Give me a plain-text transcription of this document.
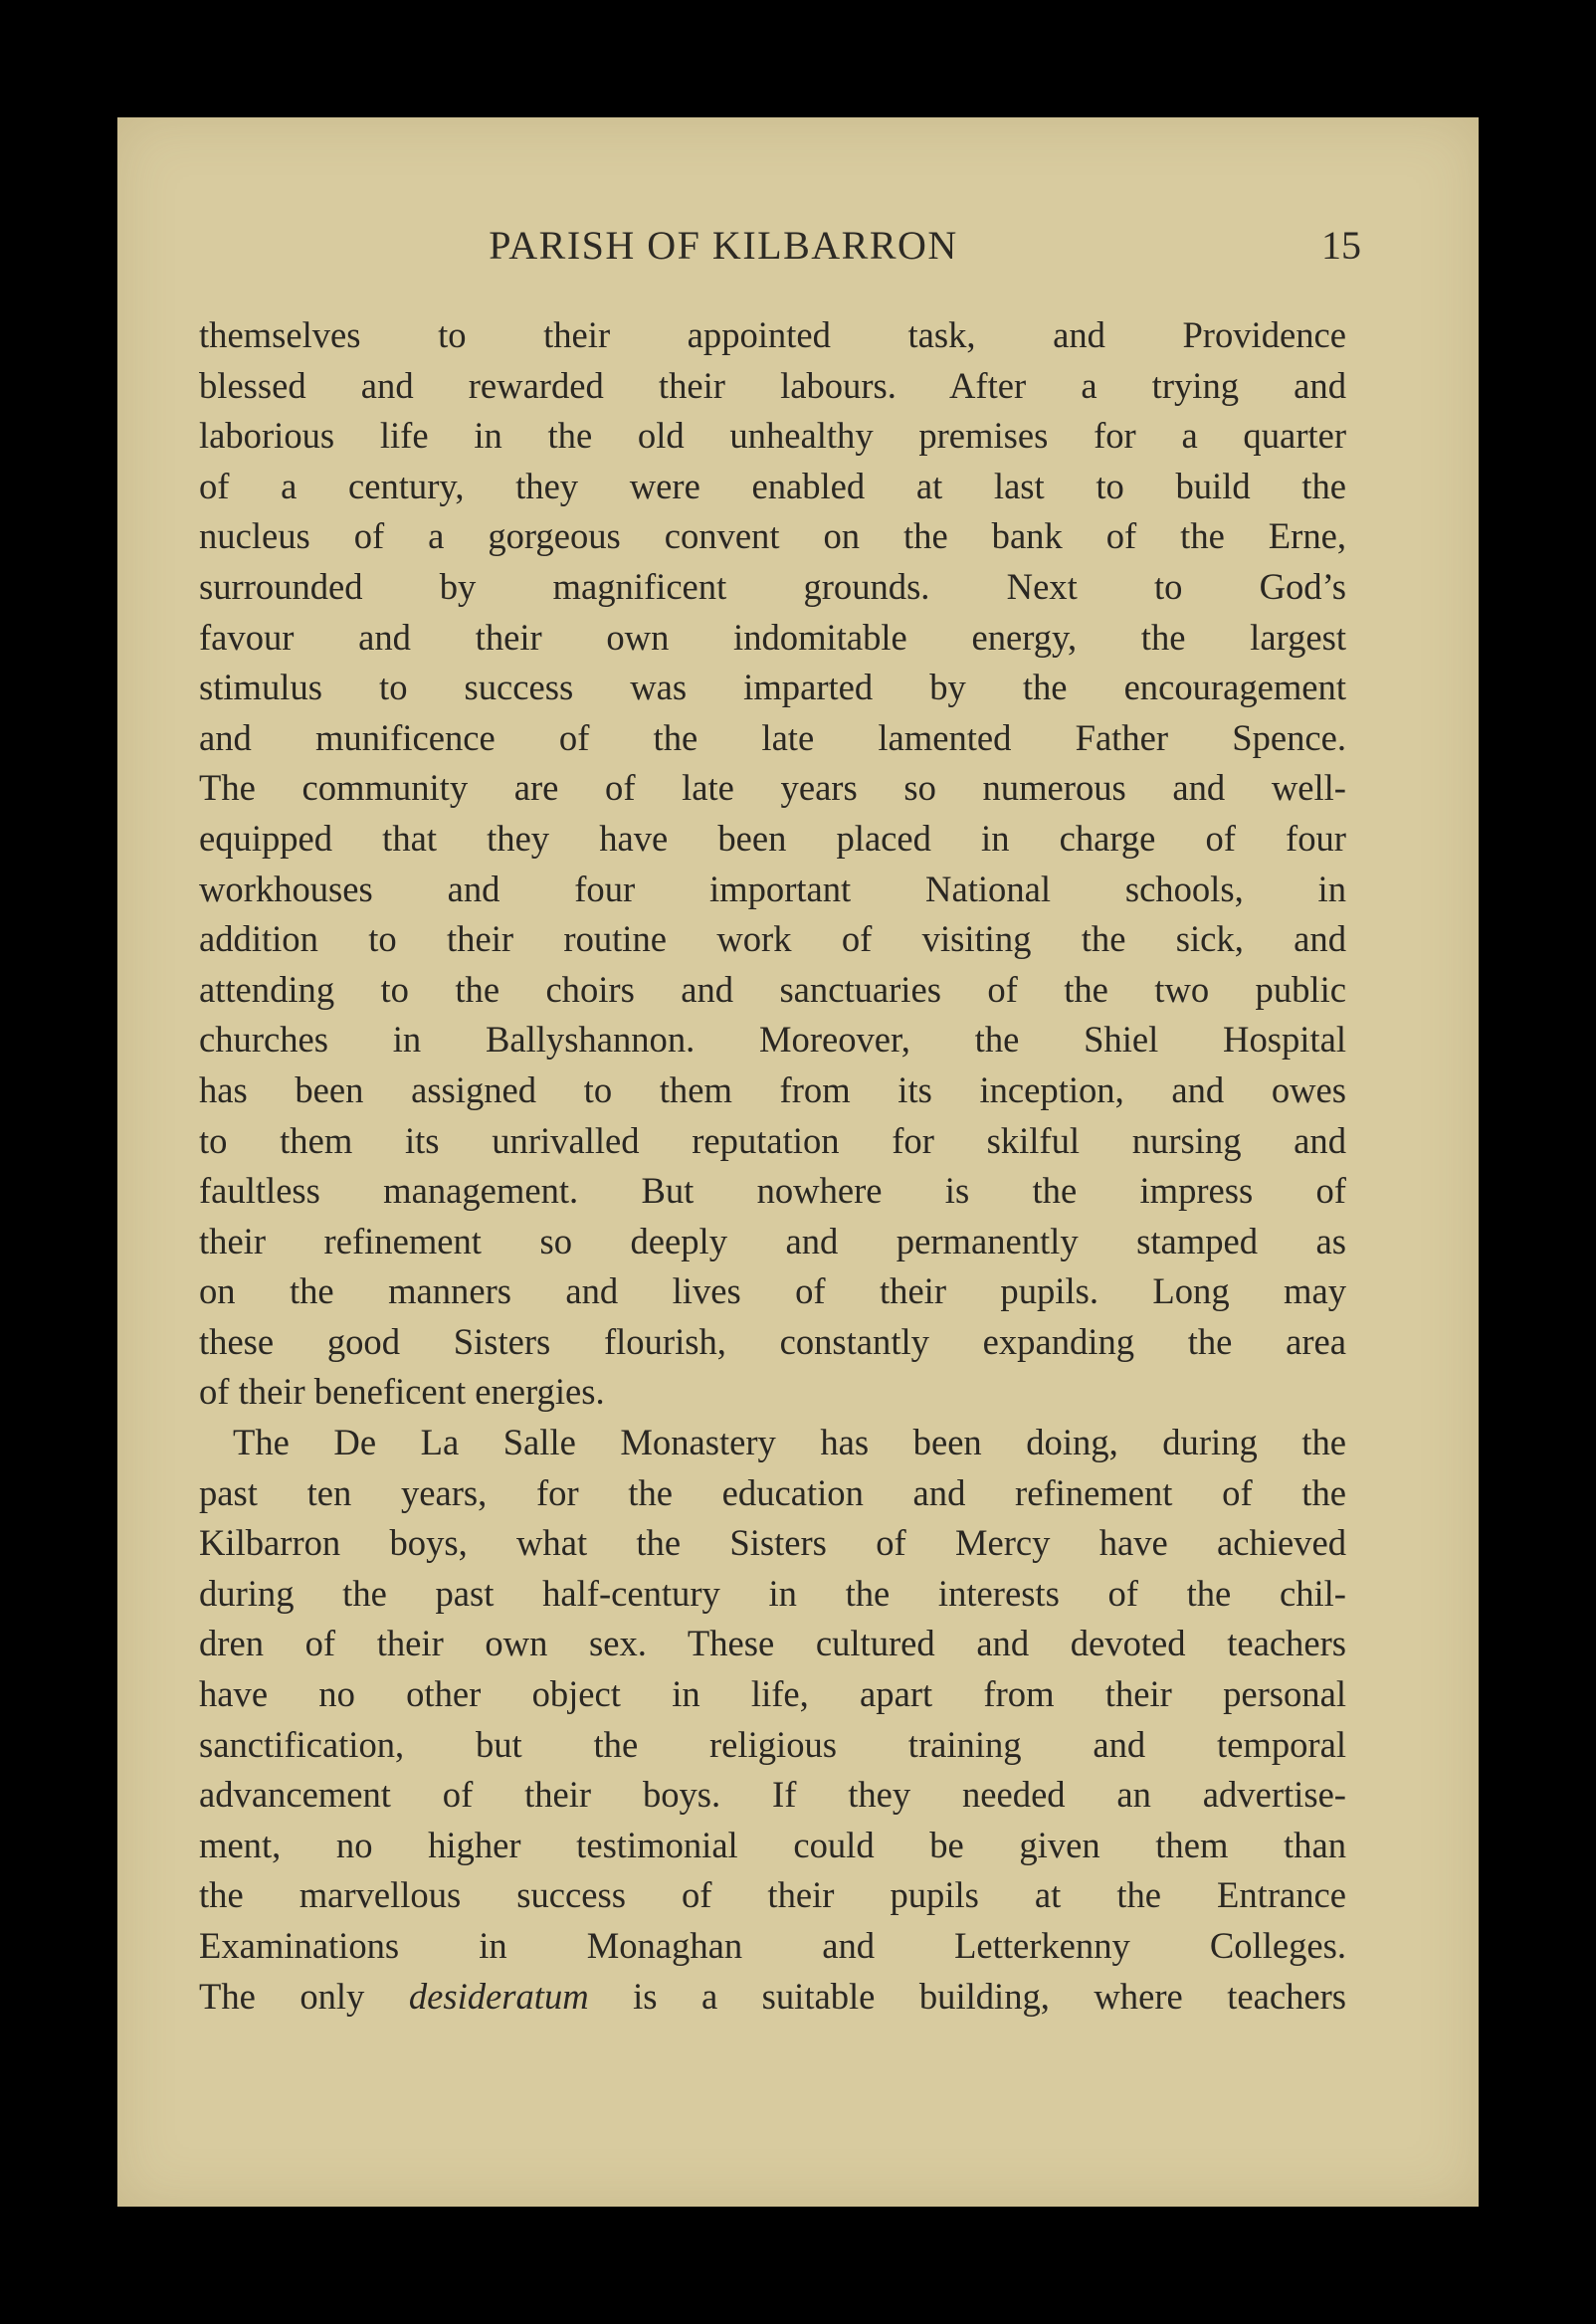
PARISH OF KILBARRON	15
themselves to their appointed task, and Providence
blessed and rewarded their labours. After a trying and
laborious life in the old unhealthy premises for a quarter
of a century, they were enabled at last to build the
nucleus of a gorgeous convent on the bank of the Erne,
surrounded by magnificent grounds. Next to God’s
favour and their own indomitable energy, the largest
stimulus to success was imparted by the encouragement
and munificence of the late lamented Father Spence.
The community are of late years so numerous and well-
equipped that they have been placed in charge of four
workhouses and four important National schools, in
addition to their routine work of visiting the sick, and
attending to the choirs and sanctuaries of the two public
churches in Ballyshannon. Moreover, the Shiel Hospital
has been assigned to them from its inception, and owes
to them its unrivalled reputation for skilful nursing and
faultless management. But nowhere is the impress of
their refinement so deeply and permanently stamped as
on the manners and lives of their pupils. Long may
these good Sisters flourish, constantly expanding the area
of their beneficent energies.
The De La Salle Monastery has been doing, during the
past ten years, for the education and refinement of the
Kilbarron boys, what the Sisters of Mercy have achieved
during the past half-century in the interests of the chil-
dren of their own sex. These cultured and devoted teachers
have no other object in life, apart from their personal
sanctification, but the religious training and temporal
advancement of their boys. If they needed an advertise-
ment, no higher testimonial could be given them than
the marvellous success of their pupils at the Entrance
Examinations in Monaghan and Letterkenny Colleges.
The only desideratum is a suitable building, where teachers
